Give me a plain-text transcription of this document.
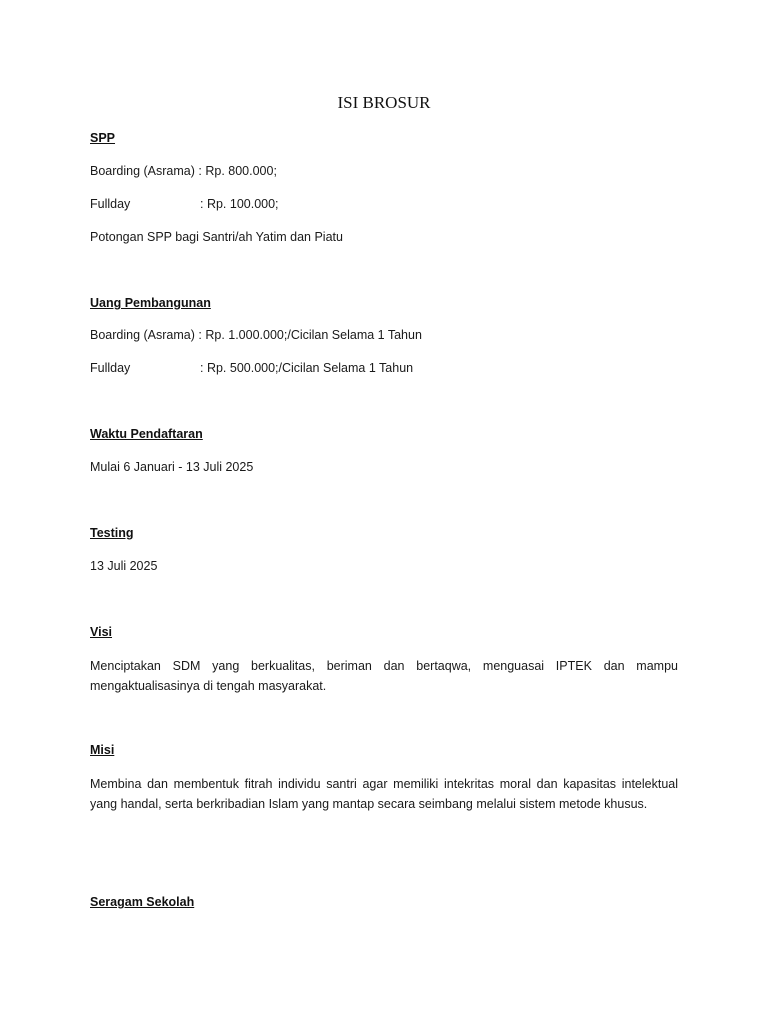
ISI BROSUR

SPP

Boarding (Asrama) : Rp. 800.000;

Fullday	: Rp. 100.000;

Potongan SPP bagi Santri/ah Yatim dan Piatu

Uang Pembangunan

Boarding (Asrama) : Rp. 1.000.000;/Cicilan Selama 1 Tahun

Fullday	: Rp. 500.000;/Cicilan Selama 1 Tahun

Waktu Pendaftaran

Mulai 6 Januari - 13 Juli 2025

Testing

13 Juli 2025

Visi

Menciptakan SDM yang berkualitas, beriman dan bertaqwa, menguasai IPTEK dan mampu mengaktualisasinya di tengah masyarakat.

Misi

Membina dan membentuk fitrah individu santri agar memiliki intekritas moral dan kapasitas intelektual yang handal, serta berkribadian Islam yang mantap secara seimbang melalui sistem metode khusus.

Seragam Sekolah
